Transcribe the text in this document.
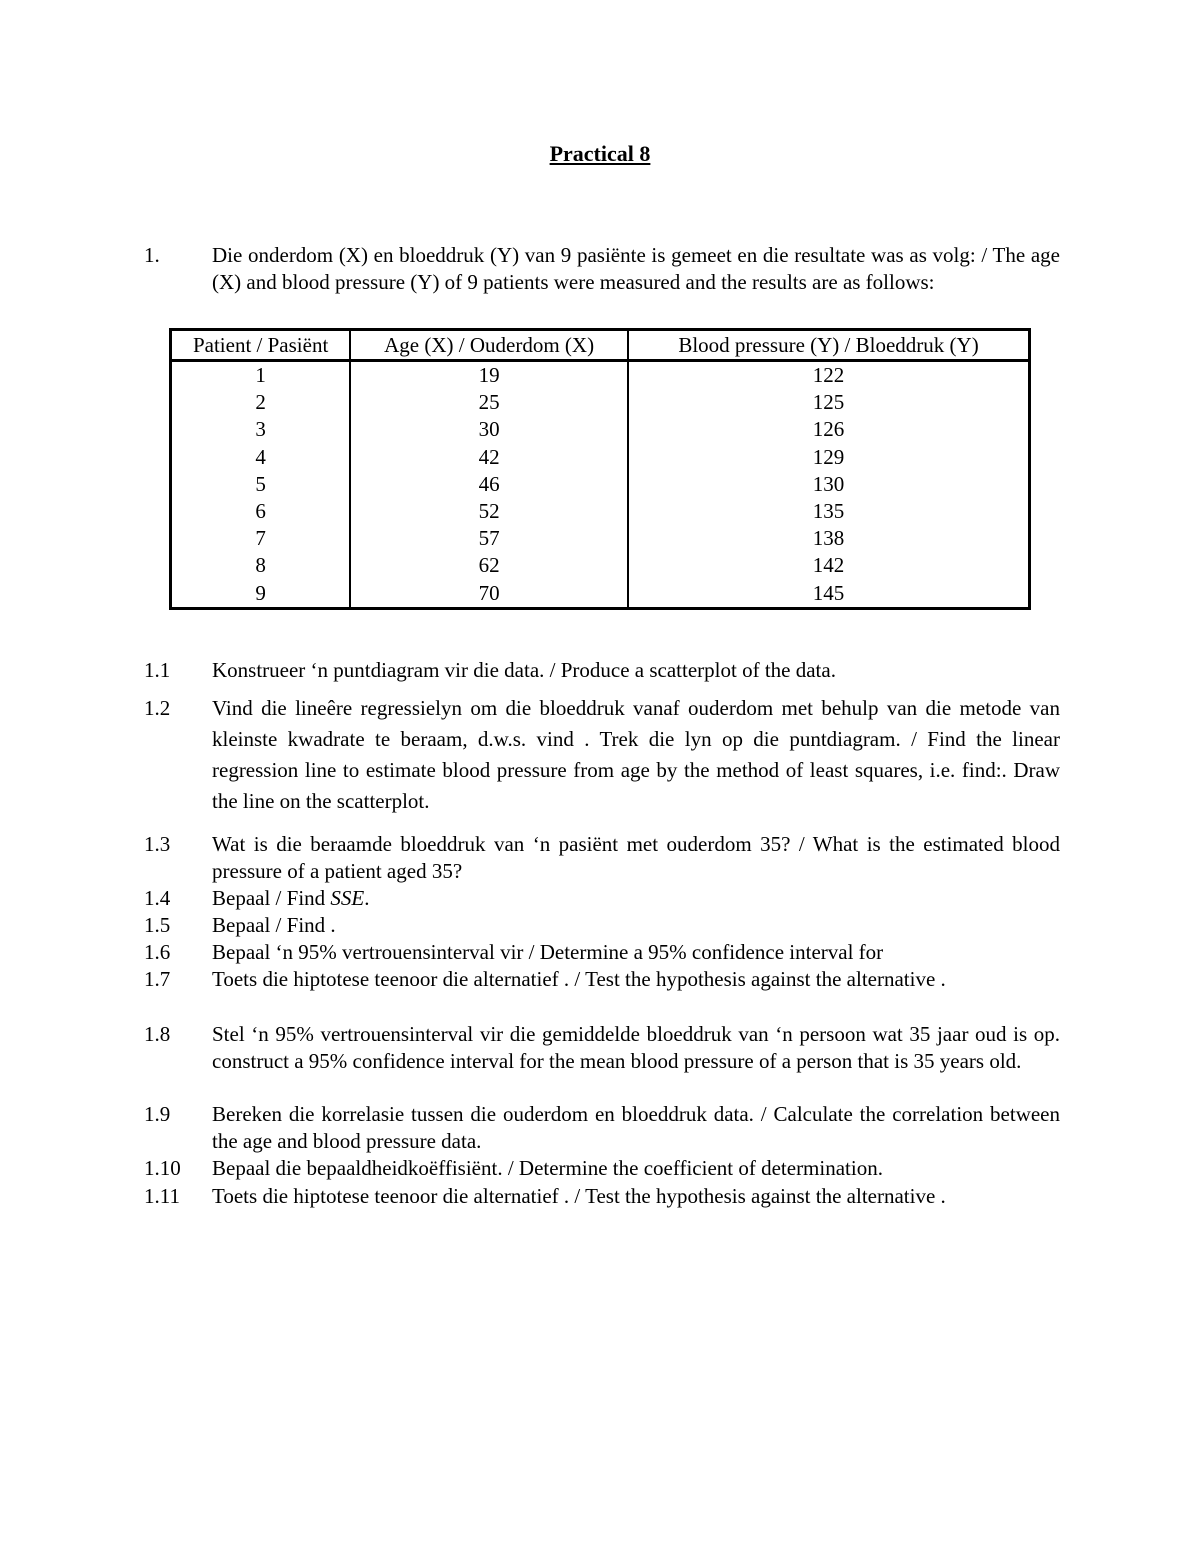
Practical 8
1.	Die onderdom (X) en bloeddruk (Y) van 9 pasiënte is gemeet en die resultate was as volg: / The age (X) and blood pressure (Y) of 9 patients were measured and the results are as follows:
Patient / Pasiënt	Age (X) / Ouderdom (X)	Blood pressure (Y) / Bloeddruk (Y)
1	19	122
2	25	125
3	30	126
4	42	129
5	46	130
6	52	135
7	57	138
8	62	142
9	70	145
1.1	Konstrueer ‘n puntdiagram vir die data. / Produce a scatterplot of the data.
1.2	Vind die lineêre regressielyn om die bloeddruk vanaf ouderdom met behulp van die metode van kleinste kwadrate te beraam, d.w.s. vind . Trek die lyn op die puntdiagram. / Find the linear regression line to estimate blood pressure from age by the method of least squares, i.e. find:. Draw the line on the scatterplot.
1.3	Wat is die beraamde bloeddruk van ‘n pasiënt met ouderdom 35? / What is the estimated blood pressure of a patient aged 35?
1.4	Bepaal / Find SSE.
1.5	Bepaal / Find .
1.6	Bepaal ‘n 95% vertrouensinterval vir / Determine a 95% confidence interval for
1.7	Toets die hiptotese teenoor die alternatief . / Test the hypothesis against the alternative .
1.8	Stel ‘n 95% vertrouensinterval vir die gemiddelde bloeddruk van ‘n persoon wat 35 jaar oud is op. construct a 95% confidence interval for the mean blood pressure of a person that is 35 years old.
1.9	Bereken die korrelasie tussen die ouderdom en bloeddruk data. / Calculate the correlation between the age and blood pressure data.
1.10	Bepaal die bepaaldheidkoëffisiënt. / Determine the coefficient of determination.
1.11	Toets die hiptotese teenoor die alternatief . / Test the hypothesis against the alternative .
